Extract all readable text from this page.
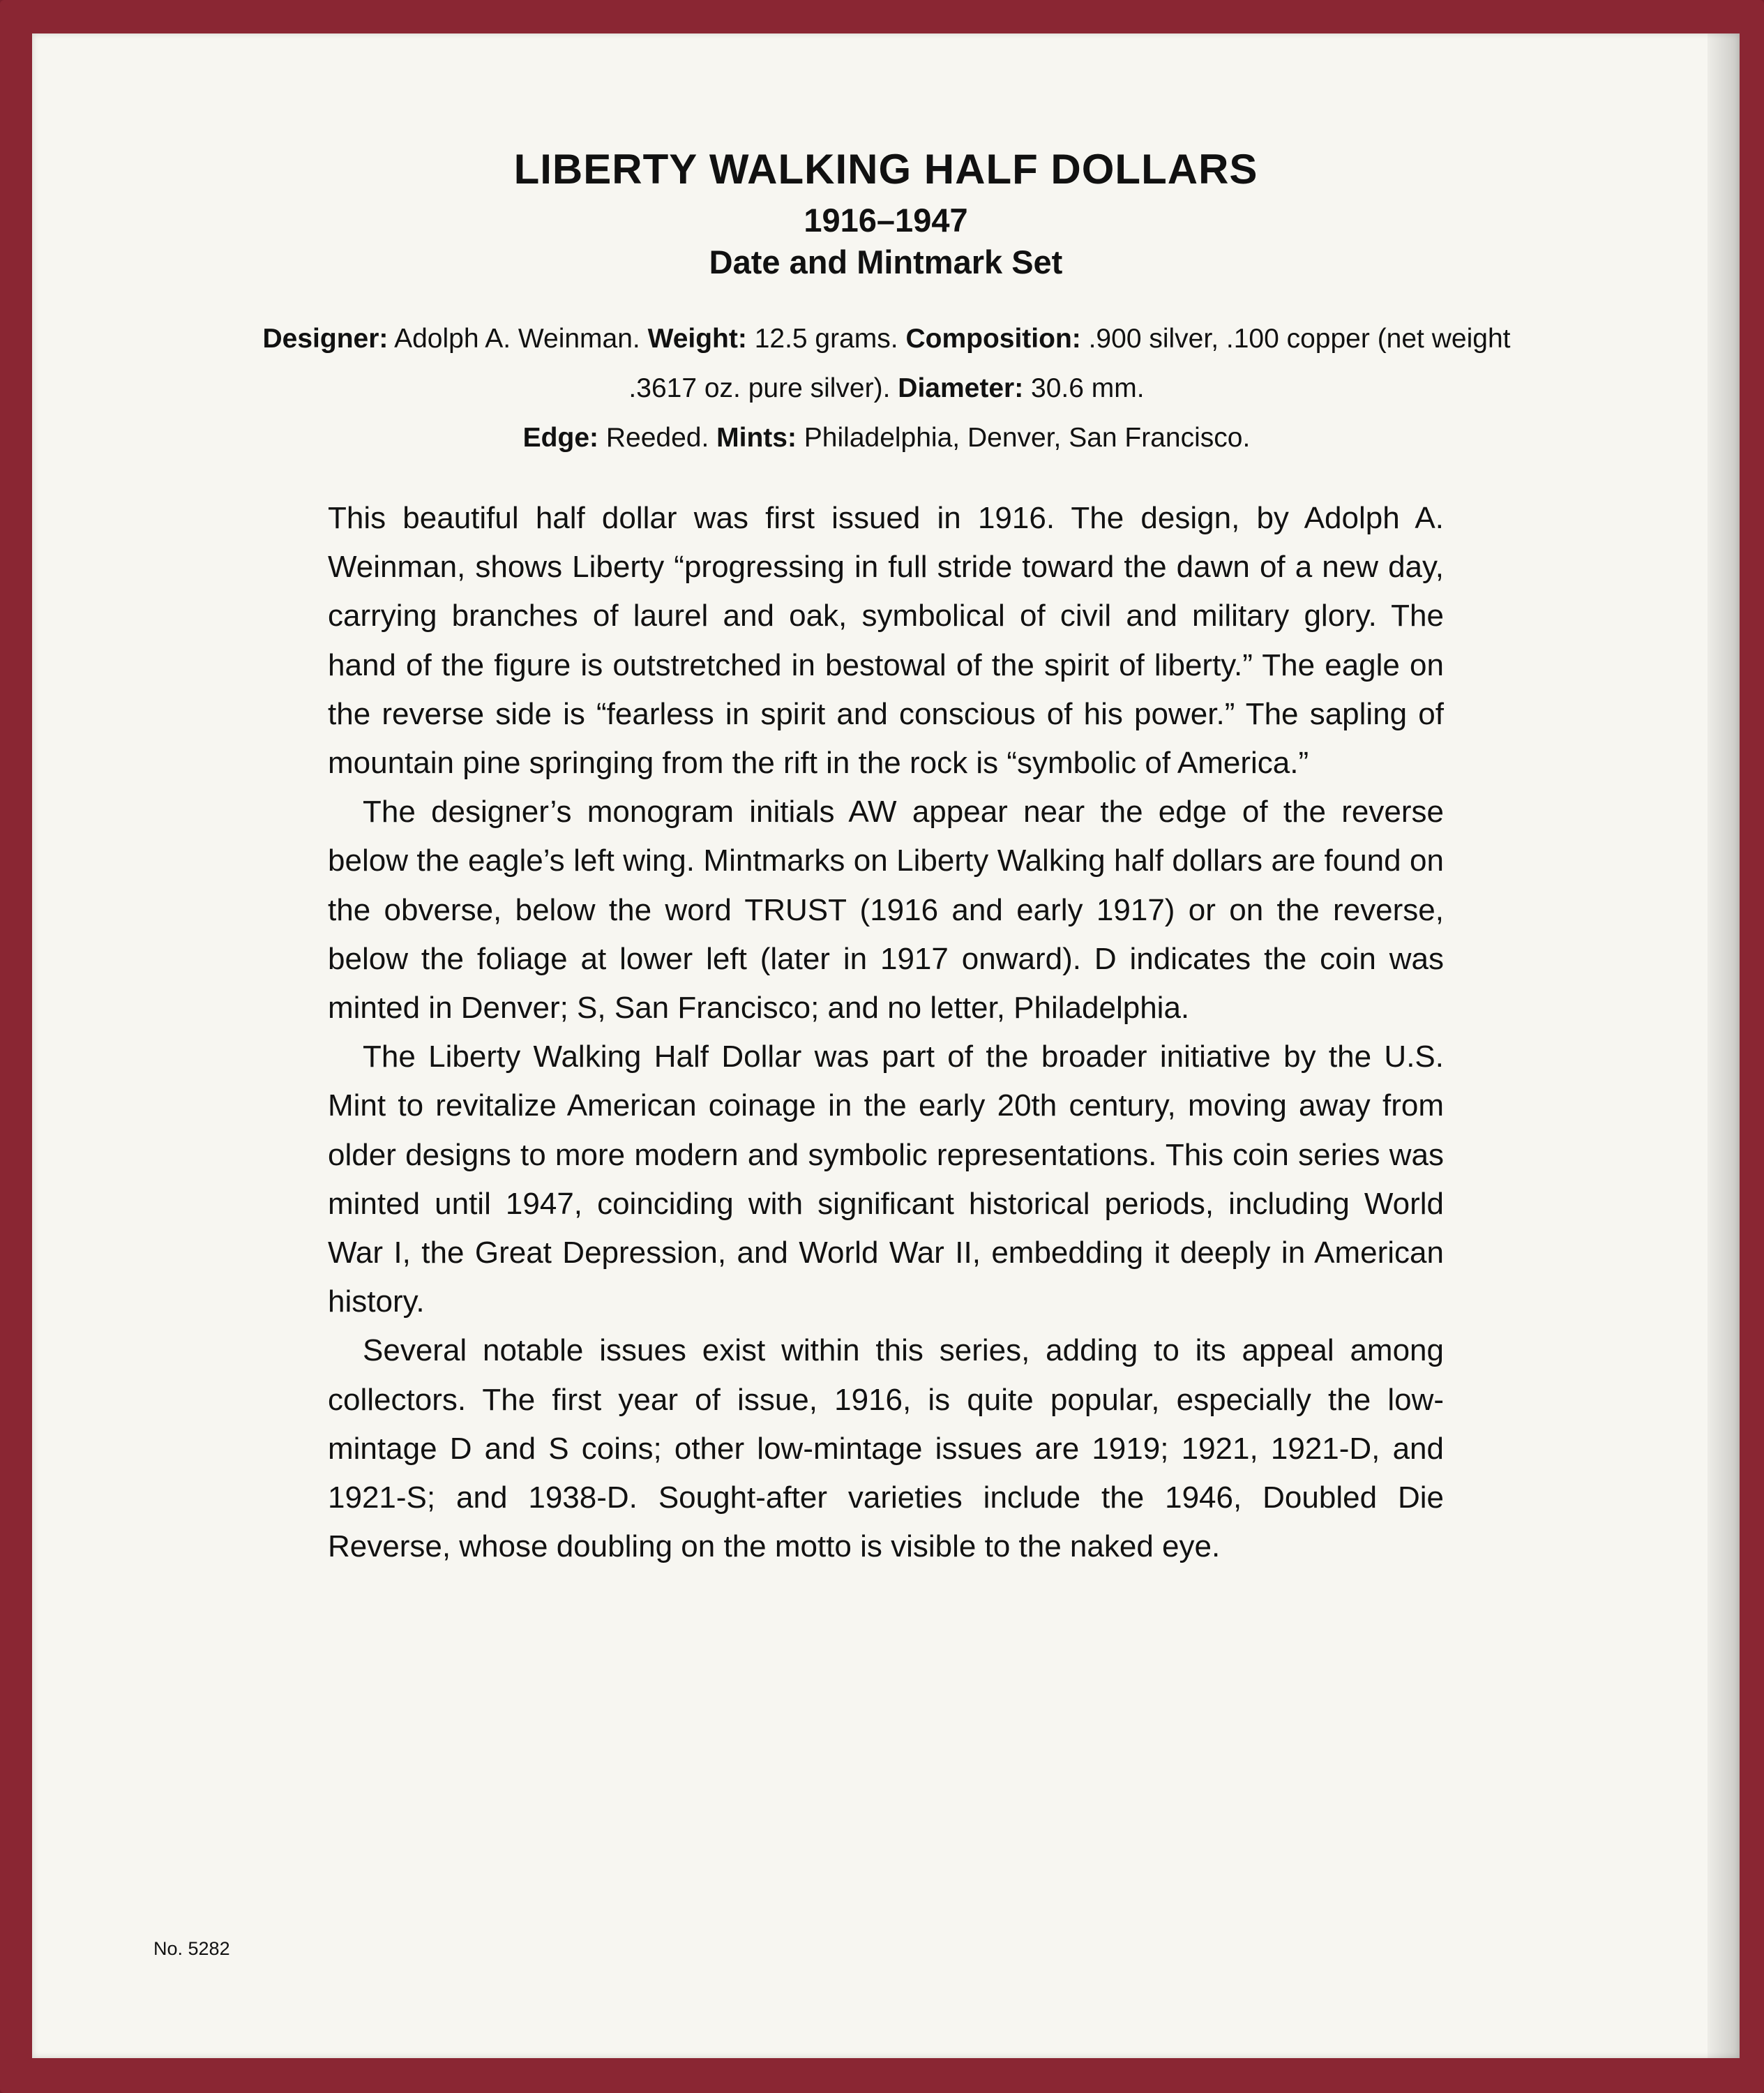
LIBERTY WALKING HALF DOLLARS
1916–1947
Date and Mintmark Set
Designer: Adolph A. Weinman. Weight: 12.5 grams. Composition: .900 silver, .100 copper (net weight .3617 oz. pure silver). Diameter: 30.6 mm.
Edge: Reeded. Mints: Philadelphia, Denver, San Francisco.

This beautiful half dollar was first issued in 1916. The design, by Adolph A. Weinman, shows Liberty “progressing in full stride toward the dawn of a new day, carrying branches of laurel and oak, symbolical of civil and military glory. The hand of the figure is outstretched in bestowal of the spirit of liberty.” The eagle on the reverse side is “fearless in spirit and conscious of his power.” The sapling of mountain pine springing from the rift in the rock is “symbolic of America.”

The designer’s monogram initials AW appear near the edge of the reverse below the eagle’s left wing. Mintmarks on Liberty Walking half dollars are found on the obverse, below the word TRUST (1916 and early 1917) or on the reverse, below the foliage at lower left (later in 1917 onward). D indicates the coin was minted in Denver; S, San Francisco; and no letter, Philadelphia.

The Liberty Walking Half Dollar was part of the broader initiative by the U.S. Mint to revitalize American coinage in the early 20th century, moving away from older designs to more modern and symbolic representations. This coin series was minted until 1947, coinciding with significant historical periods, including World War I, the Great Depression, and World War II, embedding it deeply in American history.

Several notable issues exist within this series, adding to its appeal among collectors. The first year of issue, 1916, is quite popular, especially the low-mintage D and S coins; other low-mintage issues are 1919; 1921, 1921-D, and 1921-S; and 1938-D. Sought-after varieties include the 1946, Doubled Die Reverse, whose doubling on the motto is visible to the naked eye.

No. 5282
